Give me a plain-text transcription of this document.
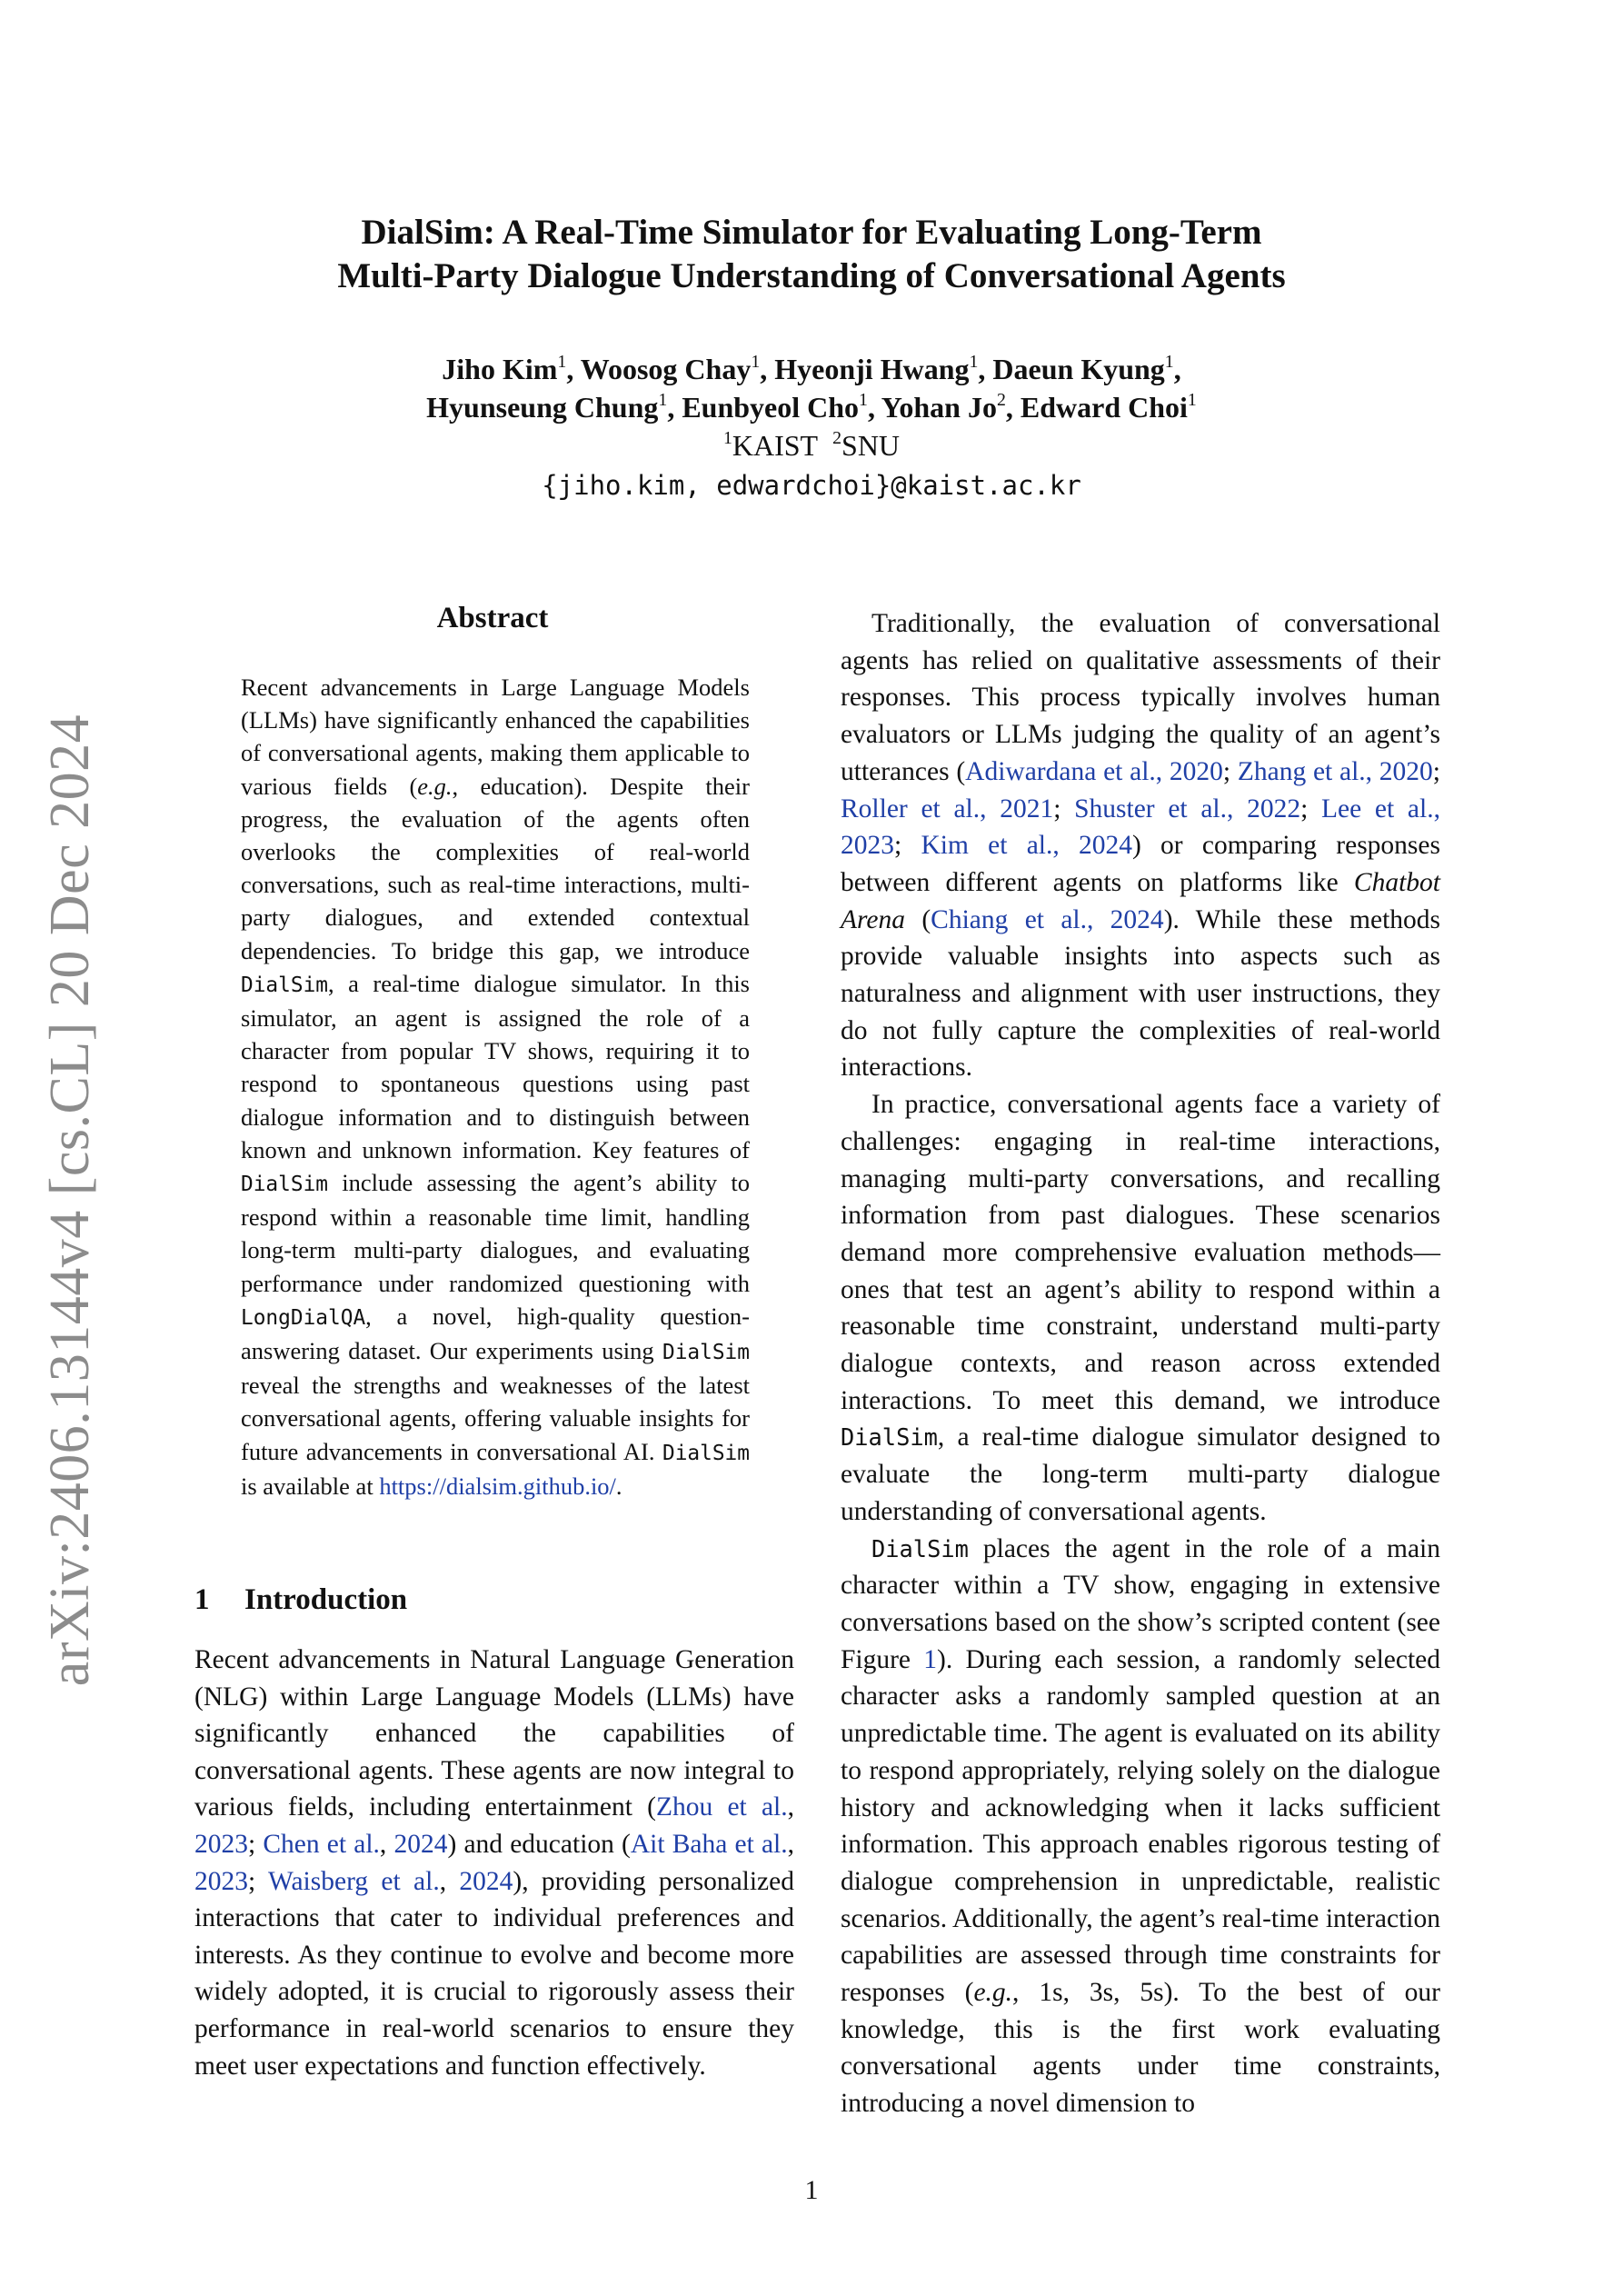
arXiv:2406.13144v4 [cs.CL] 20 Dec 2024
DialSim: A Real-Time Simulator for Evaluating Long-Term
Multi-Party Dialogue Understanding of Conversational Agents
Jiho Kim$^1$, Woosog Chay$^1$, Hyeonji Hwang$^1$, Daeun Kyung$^1$,
Hyunseung Chung$^1$, Eunbyeol Cho$^1$, Yohan Jo$^2$, Edward Choi$^1$
$^1$KAIST $^2$SNU
{jiho.kim, edwardchoi}@kaist.ac.kr
Abstract

Recent advancements in Large Language Models (LLMs) have significantly enhanced the capabilities of conversational agents, making them applicable to various fields (e.g., education). Despite their progress, the evaluation of the agents often overlooks the complexities of real-world conversations, such as real-time interactions, multi-party dialogues, and extended contextual dependencies. To bridge this gap, we introduce DialSim, a real-time dialogue simulator. In this simulator, an agent is assigned the role of a character from popular TV shows, requiring it to respond to spontaneous questions using past dialogue information and to distinguish between known and unknown information. Key features of DialSim include assessing the agent’s ability to respond within a reasonable time limit, handling long-term multi-party dialogues, and evaluating performance under randomized questioning with LongDialQA, a novel, high-quality question-answering dataset. Our experiments using DialSim reveal the strengths and weaknesses of the latest conversational agents, offering valuable insights for future advancements in conversational AI. DialSim is available at https://dialsim.github.io/.

1 Introduction

Recent advancements in Natural Language Generation (NLG) within Large Language Models (LLMs) have significantly enhanced the capabilities of conversational agents. These agents are now integral to various fields, including entertainment (Zhou et al., 2023; Chen et al., 2024) and education (Ait Baha et al., 2023; Waisberg et al., 2024), providing personalized interactions that cater to individual preferences and interests. As they continue to evolve and become more widely adopted, it is crucial to rigorously assess their performance in real-world scenarios to ensure they meet user expectations and function effectively.

Traditionally, the evaluation of conversational agents has relied on qualitative assessments of their responses. This process typically involves human evaluators or LLMs judging the quality of an agent’s utterances (Adiwardana et al., 2020; Zhang et al., 2020; Roller et al., 2021; Shuster et al., 2022; Lee et al., 2023; Kim et al., 2024) or comparing responses between different agents on platforms like Chatbot Arena (Chiang et al., 2024). While these methods provide valuable insights into aspects such as naturalness and alignment with user instructions, they do not fully capture the complexities of real-world interactions.

In practice, conversational agents face a variety of challenges: engaging in real-time interactions, managing multi-party conversations, and recalling information from past dialogues. These scenarios demand more comprehensive evaluation methods—ones that test an agent’s ability to respond within a reasonable time constraint, understand multi-party dialogue contexts, and reason across extended interactions. To meet this demand, we introduce DialSim, a real-time dialogue simulator designed to evaluate the long-term multi-party dialogue understanding of conversational agents.

DialSim places the agent in the role of a main character within a TV show, engaging in extensive conversations based on the show’s scripted content (see Figure 1). During each session, a randomly selected character asks a randomly sampled question at an unpredictable time. The agent is evaluated on its ability to respond appropriately, relying solely on the dialogue history and acknowledging when it lacks sufficient information. This approach enables rigorous testing of dialogue comprehension in unpredictable, realistic scenarios. Additionally, the agent’s real-time interaction capabilities are assessed through time constraints for responses (e.g., 1s, 3s, 5s). To the best of our knowledge, this is the first work evaluating conversational agents under time constraints, introducing a novel dimension to

1
